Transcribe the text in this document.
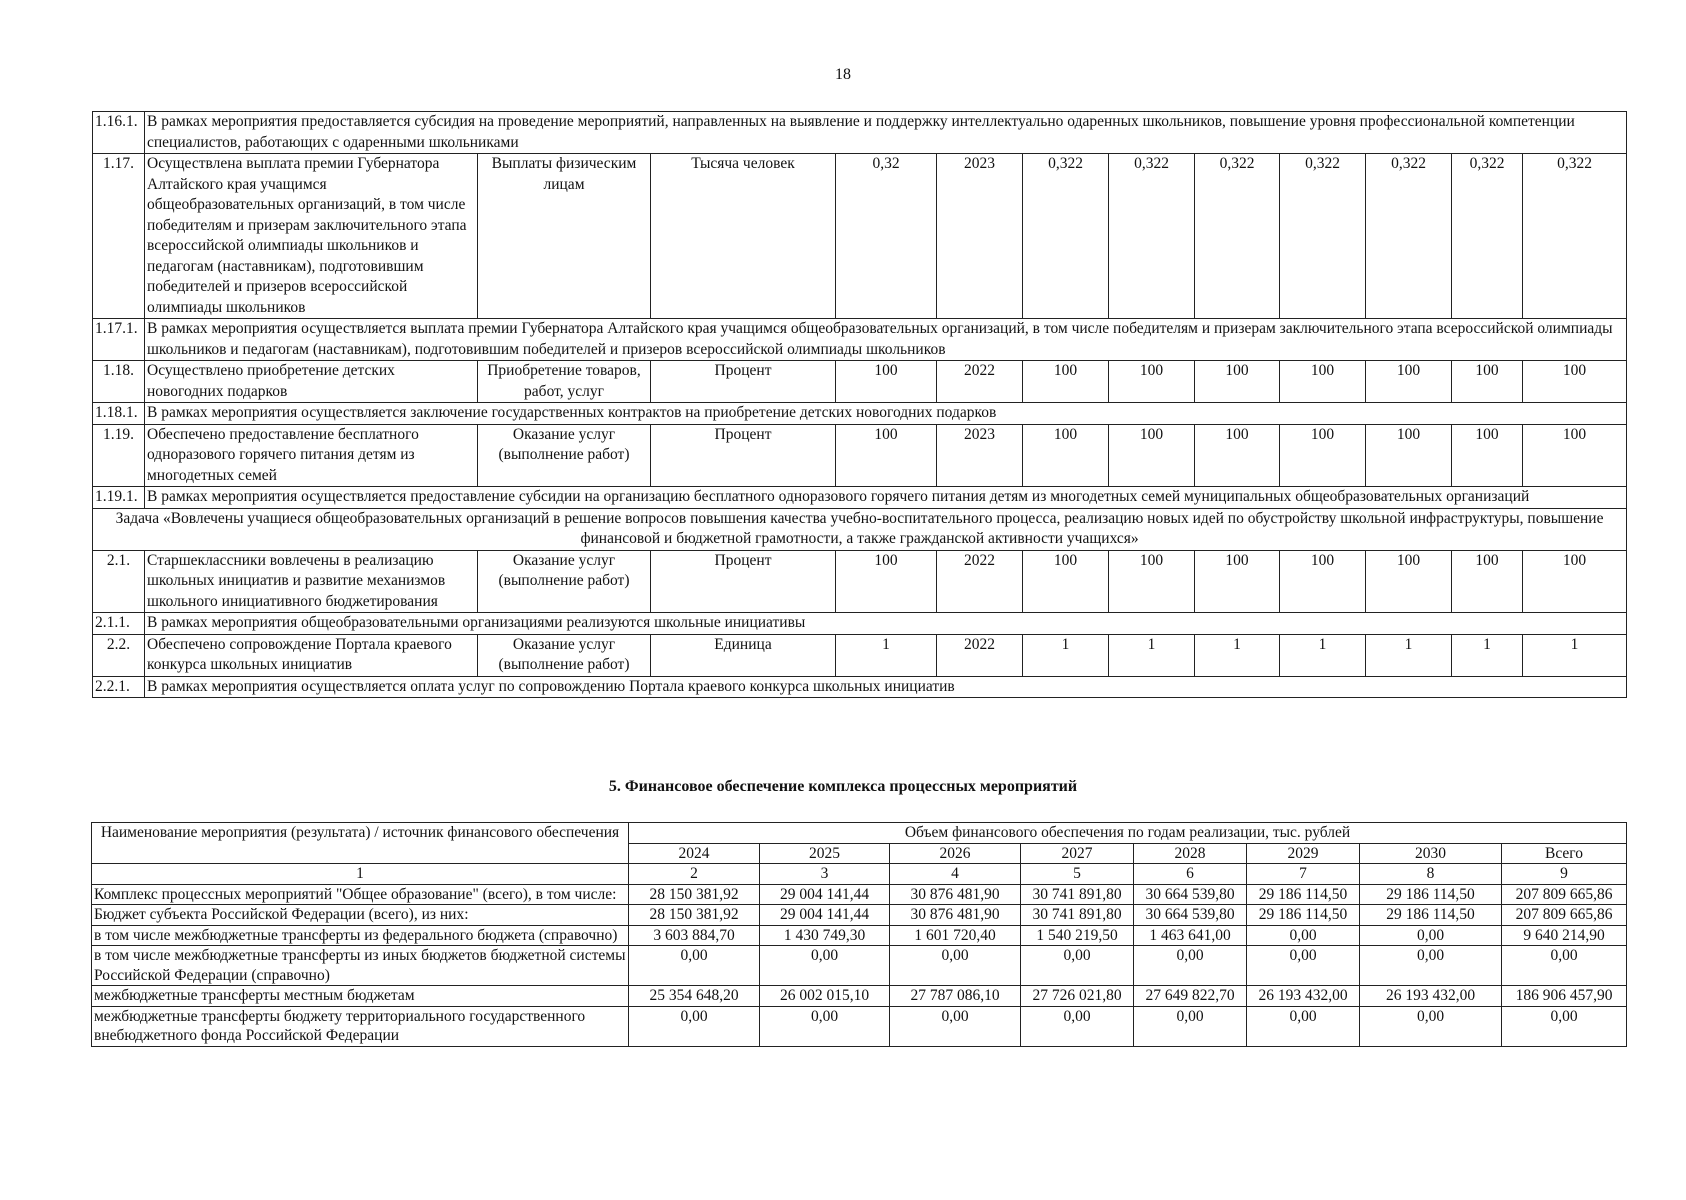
18
1.16.1.	В рамках мероприятия предоставляется субсидия на проведение мероприятий, направленных на выявление и поддержку интеллектуально одаренных школьников, повышение уровня профессиональной компетенции специалистов, работающих с одаренными школьниками											
1.17.	Осуществлена выплата премии Губернатора Алтайского края учащимся общеобразовательных организаций, в том числе победителям и призерам заключительного этапа всероссийской олимпиады школьников и педагогам (наставникам), подготовившим победителей и призеров всероссийской олимпиады школьников	Выплаты физическим лицам	Тысяча человек	0,32	2023	0,322	0,322	0,322	0,322	0,322	0,322	0,322
1.17.1.	В рамках мероприятия осуществляется выплата премии Губернатора Алтайского края учащимся общеобразовательных организаций, в том числе победителям и призерам заключительного этапа всероссийской олимпиады школьников и педагогам (наставникам), подготовившим победителей и призеров всероссийской олимпиады школьников											
1.18.	Осуществлено приобретение детских новогодних подарков	Приобретение товаров, работ, услуг	Процент	100	2022	100	100	100	100	100	100	100
1.18.1.	В рамках мероприятия осуществляется заключение государственных контрактов на приобретение детских новогодних подарков											
1.19.	Обеспечено предоставление бесплатного одноразового горячего питания детям из многодетных семей	Оказание услуг (выполнение работ)	Процент	100	2023	100	100	100	100	100	100	100
1.19.1.	В рамках мероприятия осуществляется предоставление субсидии на организацию бесплатного одноразового горячего питания детям из многодетных семей муниципальных общеобразовательных организаций											
Задача «Вовлечены учащиеся общеобразовательных организаций в решение вопросов повышения качества учебно-воспитательного процесса, реализацию новых идей по обустройству школьной инфраструктуры, повышение финансовой и бюджетной грамотности, а также гражданской активности учащихся»												
2.1.	Старшеклассники вовлечены в реализацию школьных инициатив и развитие механизмов школьного инициативного бюджетирования	Оказание услуг (выполнение работ)	Процент	100	2022	100	100	100	100	100	100	100
2.1.1.	В рамках мероприятия общеобразовательными организациями реализуются школьные инициативы											
2.2.	Обеспечено сопровождение Портала краевого конкурса школьных инициатив	Оказание услуг (выполнение работ)	Единица	1	2022	1	1	1	1	1	1	1
2.2.1.	В рамках мероприятия осуществляется оплата услуг по сопровождению Портала краевого конкурса школьных инициатив											
5. Финансовое обеспечение комплекса процессных мероприятий
Наименование мероприятия (результата) / источник финансового обеспечения	Объем финансового обеспечения по годам реализации, тыс. рублей							
	2024	2025	2026	2027	2028	2029	2030	Всего
1	2	3	4	5	6	7	8	9
Комплекс процессных мероприятий "Общее образование" (всего), в том числе:	28 150 381,92	29 004 141,44	30 876 481,90	30 741 891,80	30 664 539,80	29 186 114,50	29 186 114,50	207 809 665,86
Бюджет субъекта Российской Федерации (всего), из них:	28 150 381,92	29 004 141,44	30 876 481,90	30 741 891,80	30 664 539,80	29 186 114,50	29 186 114,50	207 809 665,86
в том числе межбюджетные трансферты из федерального бюджета (справочно)	3 603 884,70	1 430 749,30	1 601 720,40	1 540 219,50	1 463 641,00	0,00	0,00	9 640 214,90
в том числе межбюджетные трансферты из иных бюджетов бюджетной системы Российской Федерации (справочно)	0,00	0,00	0,00	0,00	0,00	0,00	0,00	0,00
межбюджетные трансферты местным бюджетам	25 354 648,20	26 002 015,10	27 787 086,10	27 726 021,80	27 649 822,70	26 193 432,00	26 193 432,00	186 906 457,90
межбюджетные трансферты бюджету территориального государственного внебюджетного фонда Российской Федерации	0,00	0,00	0,00	0,00	0,00	0,00	0,00	0,00
